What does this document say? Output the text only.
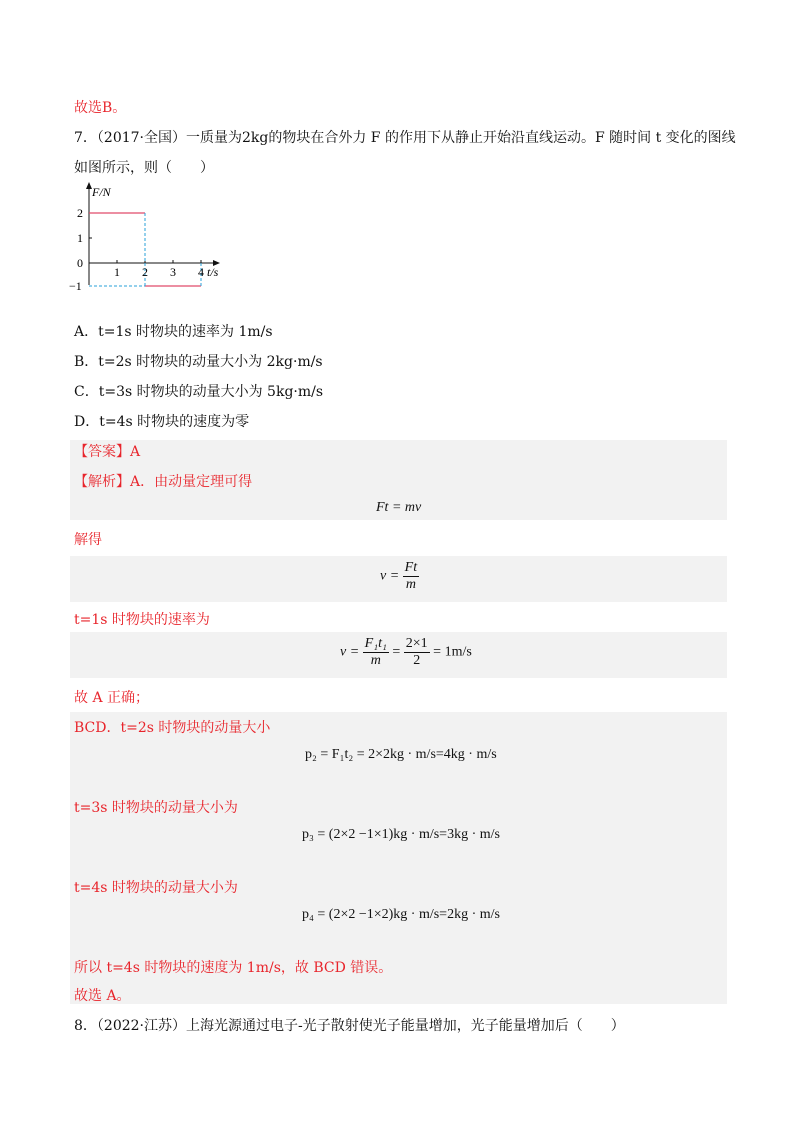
故选B。
7．（2017·全国）一质量为2kg的物块在合外力 F 的作用下从静止开始沿直线运动。F 随时间 t 变化的图线
如图所示，则（　　）
F/N
t/s
2
1
0
−1
1 2 3 4
A．t=1s 时物块的速率为 1m/s
B．t=2s 时物块的动量大小为 2kg·m/s
C．t=3s 时物块的动量大小为 5kg·m/s
D．t=4s 时物块的速度为零
【答案】A
【解析】A．由动量定理可得
Ft = mv
解得
$v = \frac{Ft}{m}$
t=1s 时物块的速率为
$v = \frac{\text{F₁t₁}}{m} = \frac{2\times 1}{2} = 1m/s$
故 A 正确；
BCD．t=2s 时物块的动量大小
p₂ = F₁t₂ = 2×2kg · m/s=4kg · m/s
t=3s 时物块的动量大小为
p₃ = (2×2 −1×1)kg · m/s=3kg · m/s
t=4s 时物块的动量大小为
p₄ = (2×2 −1×2)kg · m/s=2kg · m/s
所以 t=4s 时物块的速度为 1m/s，故 BCD 错误。
故选 A。
8．（2022·江苏）上海光源通过电子-光子散射使光子能量增加，光子能量增加后（　　）
